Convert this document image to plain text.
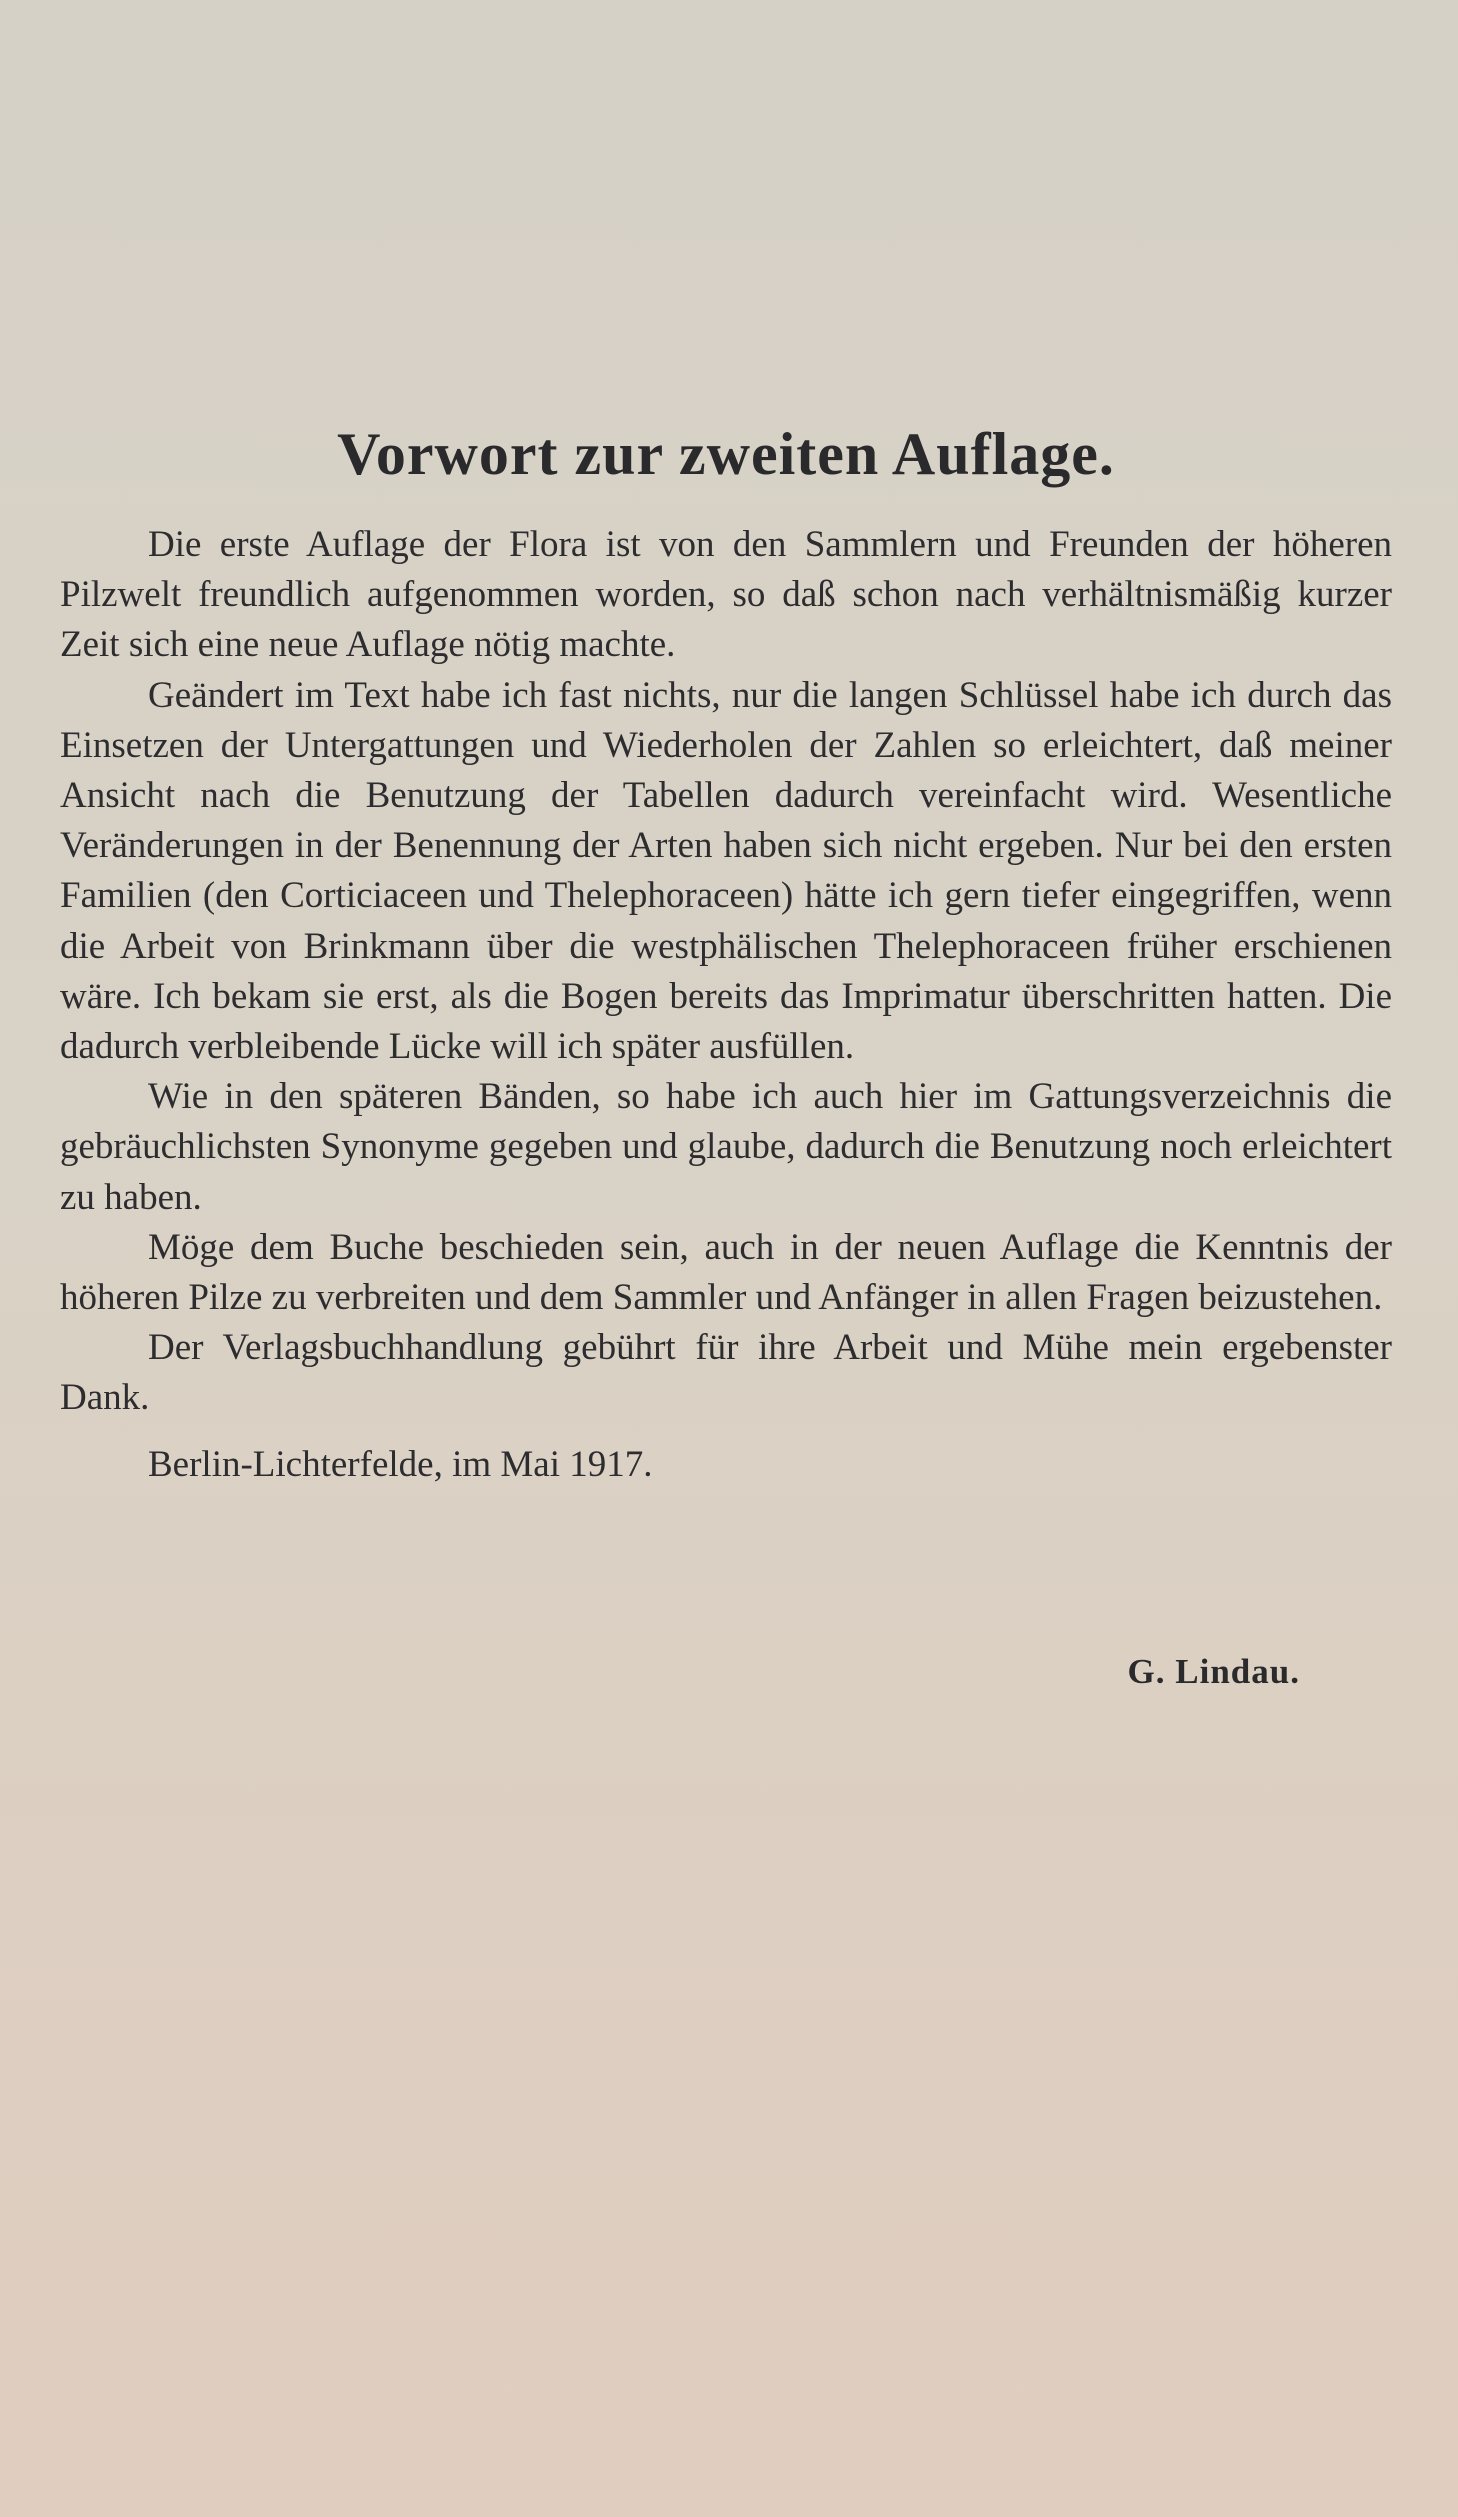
Vorwort zur zweiten Auflage.

Die erste Auflage der Flora ist von den Sammlern und Freunden der höheren Pilzwelt freundlich aufgenommen worden, so daß schon nach verhältnismäßig kurzer Zeit sich eine neue Auflage nötig machte.

Geändert im Text habe ich fast nichts, nur die langen Schlüssel habe ich durch das Einsetzen der Untergattungen und Wiederholen der Zahlen so erleichtert, daß meiner Ansicht nach die Benutzung der Tabellen dadurch vereinfacht wird. Wesentliche Veränderungen in der Benennung der Arten haben sich nicht ergeben. Nur bei den ersten Familien (den Corticiaceen und Thelephoraceen) hätte ich gern tiefer eingegriffen, wenn die Arbeit von Brinkmann über die westphälischen Thelephoraceen früher erschienen wäre. Ich bekam sie erst, als die Bogen bereits das Imprimatur überschritten hatten. Die dadurch verbleibende Lücke will ich später ausfüllen.

Wie in den späteren Bänden, so habe ich auch hier im Gattungsverzeichnis die gebräuchlichsten Synonyme gegeben und glaube, dadurch die Benutzung noch erleichtert zu haben.

Möge dem Buche beschieden sein, auch in der neuen Auflage die Kenntnis der höheren Pilze zu verbreiten und dem Sammler und Anfänger in allen Fragen beizustehen.

Der Verlagsbuchhandlung gebührt für ihre Arbeit und Mühe mein ergebenster Dank.

Berlin-Lichterfelde, im Mai 1917.

G. Lindau.
